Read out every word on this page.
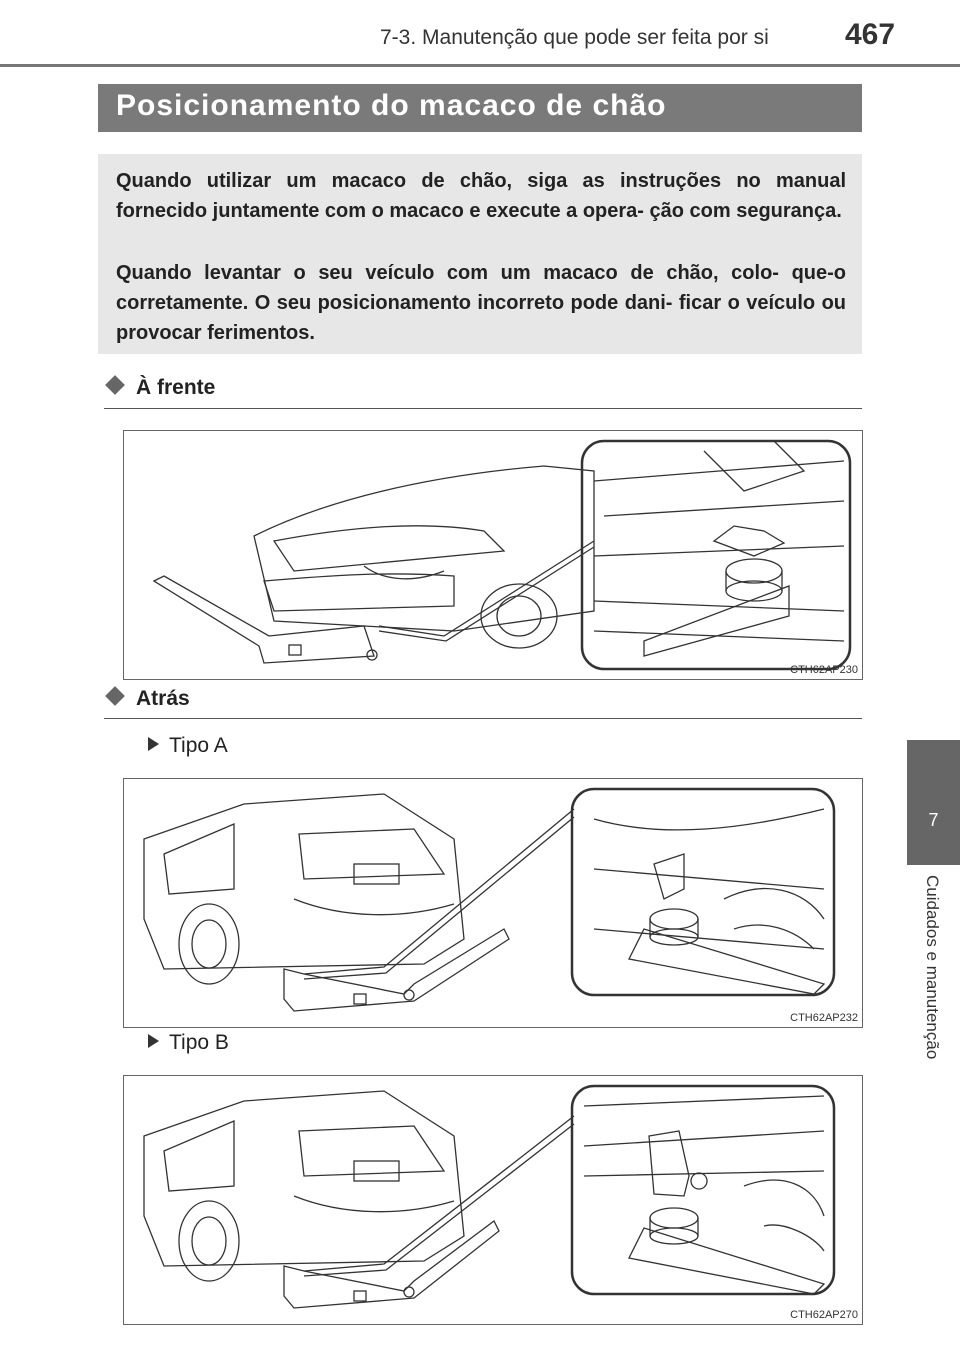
7-3. Manutenção que pode ser feita por si	467
7
Cuidados e manutenção
Posicionamento do macaco de chão

Quando utilizar um macaco de chão, siga as instruções no manual fornecido juntamente com o macaco e execute a opera- ção com segurança.

Quando levantar o seu veículo com um macaco de chão, colo- que-o corretamente. O seu posicionamento incorreto pode dani- ficar o veículo ou provocar ferimentos.

À frente
CTH62AP230
Atrás
Tipo A
CTH62AP232
Tipo B
CTH62AP270
